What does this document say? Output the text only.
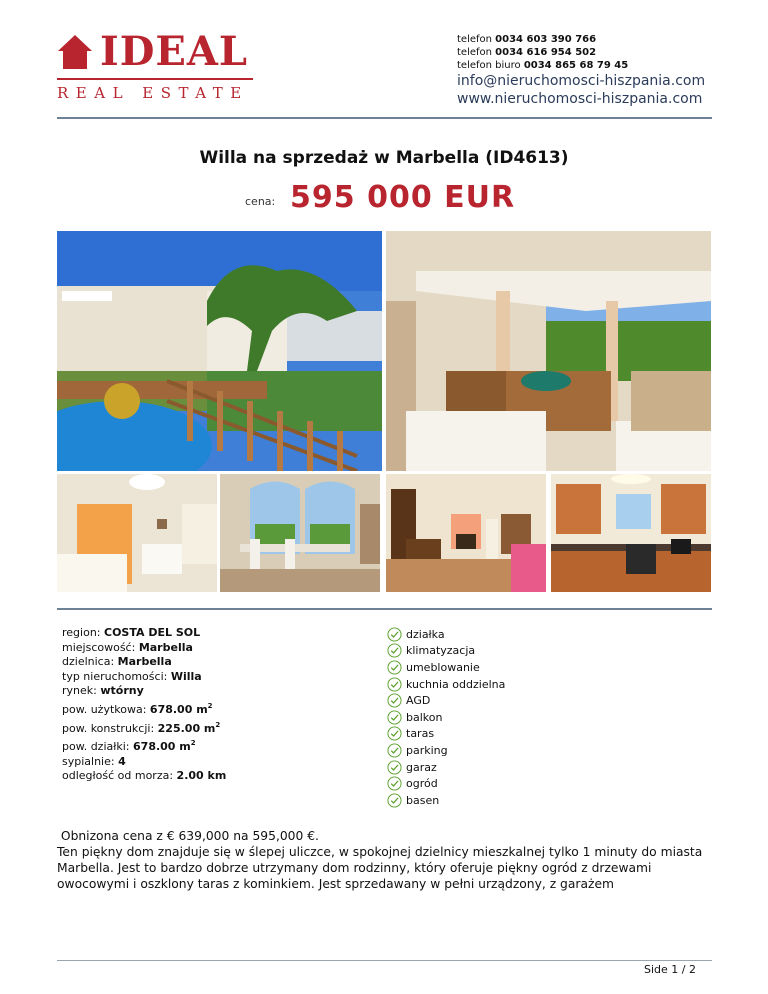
IDEAL
REAL ESTATE
telefon 0034 603 390 766
telefon 0034 616 954 502
telefon biuro 0034 865 68 79 45
info@nieruchomosci-hiszpania.com
www.nieruchomosci-hiszpania.com
Willa na sprzedaż w Marbella (ID4613)
cena: 595 000 EUR
region: COSTA DEL SOL
miejscowość: Marbella
dzielnica: Marbella
typ nieruchomości: Willa
rynek: wtórny
pow. użytkowa: 678.00 $m^2$
pow. konstrukcji: 225.00 $m^2$
pow. działki: 678.00 $m^2$
sypialnie: 4
odległość od morza: 2.00 km
działka
klimatyzacja
umeblowanie
kuchnia oddzielna
AGD
balkon
taras
parking
garaz
ogród
basen
Obnizona cena z € 639,000 na 595,000 €.
Ten piękny dom znajduje się w ślepej uliczce, w spokojnej dzielnicy mieszkalnej tylko 1 minuty do miasta Marbella. Jest to bardzo dobrze utrzymany dom rodzinny, który oferuje piękny ogród z drzewami owocowymi i oszklony taras z kominkiem. Jest sprzedawany w pełni urządzony, z garażem
Side 1 / 2
